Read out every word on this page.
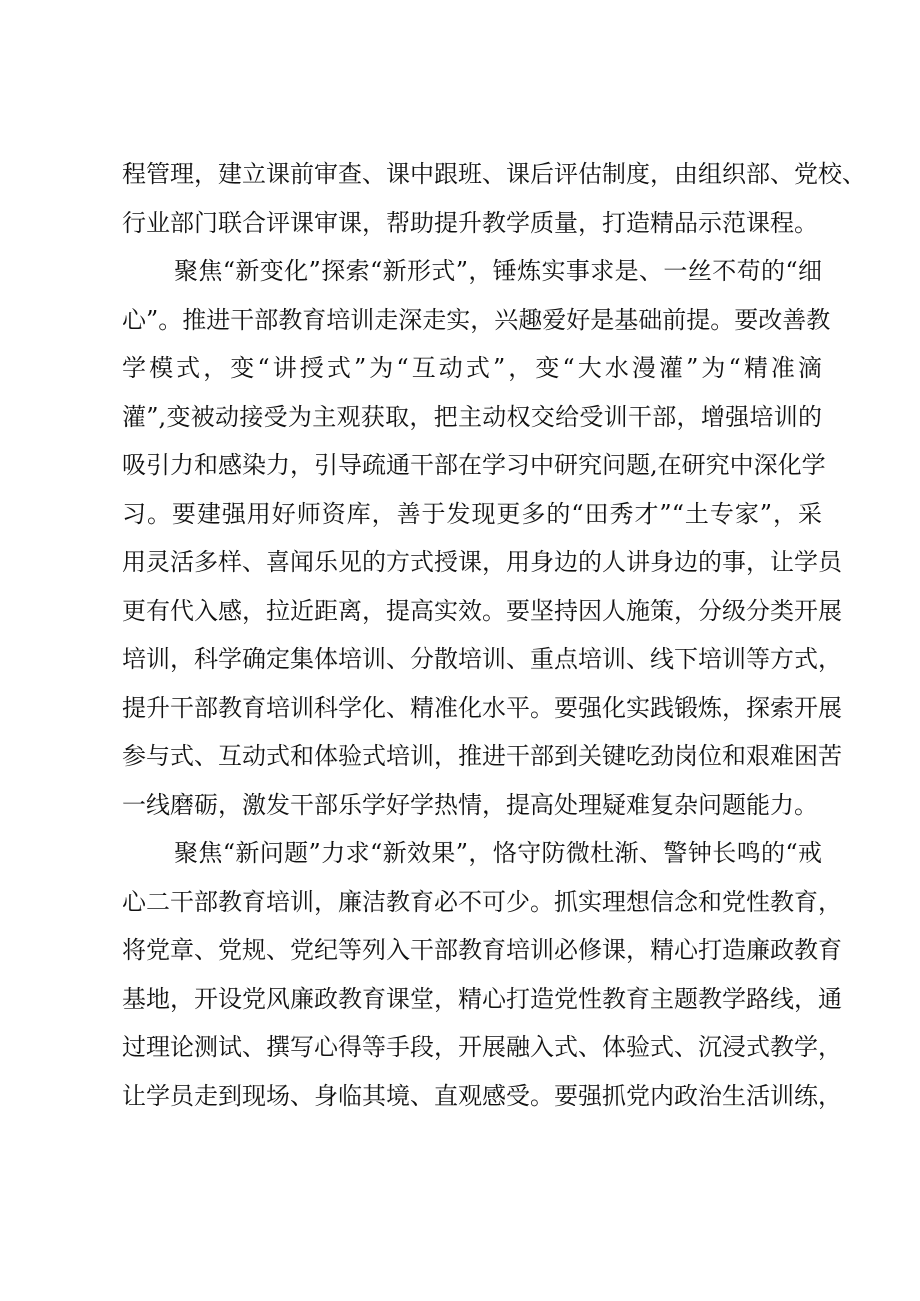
程管理，建立课前审查、课中跟班、课后评估制度，由组织部、党校、
行业部门联合评课审课，帮助提升教学质量，打造精品示范课程。
聚焦“新变化”探索“新形式”，锤炼实事求是、一丝不苟的“细
心”。推进干部教育培训走深走实，兴趣爱好是基础前提。要改善教
学模式，变“讲授式”为“互动式”，变“大水漫灌”为“精准滴
灌”,变被动接受为主观获取，把主动权交给受训干部，增强培训的
吸引力和感染力，引导疏通干部在学习中研究问题,在研究中深化学
习。要建强用好师资库，善于发现更多的“田秀才”“土专家”，采
用灵活多样、喜闻乐见的方式授课，用身边的人讲身边的事，让学员
更有代入感，拉近距离，提高实效。要坚持因人施策，分级分类开展
培训，科学确定集体培训、分散培训、重点培训、线下培训等方式，
提升干部教育培训科学化、精准化水平。要强化实践锻炼，探索开展
参与式、互动式和体验式培训，推进干部到关键吃劲岗位和艰难困苦
一线磨砺，激发干部乐学好学热情，提高处理疑难复杂问题能力。
聚焦“新问题”力求“新效果”，恪守防微杜渐、警钟长鸣的“戒
心二干部教育培训，廉洁教育必不可少。抓实理想信念和党性教育，
将党章、党规、党纪等列入干部教育培训必修课，精心打造廉政教育
基地，开设党风廉政教育课堂，精心打造党性教育主题教学路线，通
过理论测试、撰写心得等手段，开展融入式、体验式、沉浸式教学，
让学员走到现场、身临其境、直观感受。要强抓党内政治生活训练，
